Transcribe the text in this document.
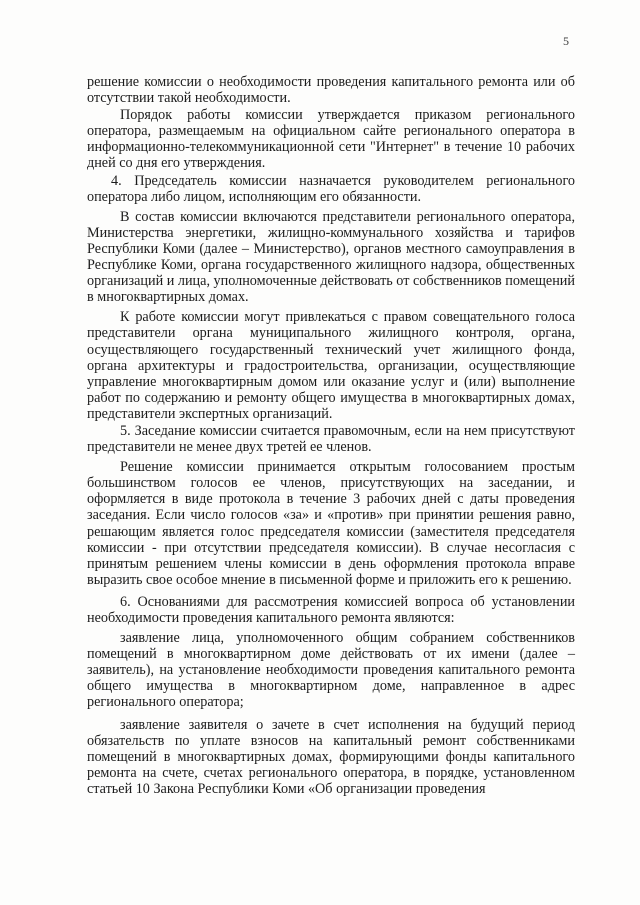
5

решение комиссии о необходимости проведения капитального ремонта или об отсутствии такой необходимости.

Порядок работы комиссии утверждается приказом регионального оператора, размещаемым на официальном сайте регионального оператора в информационно-телекоммуникационной сети "Интернет" в течение 10 рабочих дней со дня его утверждения.

4. Председатель комиссии назначается руководителем регионального оператора либо лицом, исполняющим его обязанности.

В состав комиссии включаются представители регионального оператора, Министерства энергетики, жилищно-коммунального хозяйства и тарифов Республики Коми (далее – Министерство), органов местного самоуправления в Республике Коми, органа государственного жилищного надзора, общественных организаций и лица, уполномоченные действовать от собственников помещений в многоквартирных домах.

К работе комиссии могут привлекаться с правом совещательного голоса представители органа муниципального жилищного контроля, органа, осуществляющего государственный технический учет жилищного фонда, органа архитектуры и градостроительства, организации, осуществляющие управление многоквартирным домом или оказание услуг и (или) выполнение работ по содержанию и ремонту общего имущества в многоквартирных домах, представители экспертных организаций.

5. Заседание комиссии считается правомочным, если на нем присутствуют представители не менее двух третей ее членов.

Решение комиссии принимается открытым голосованием простым большинством голосов ее членов, присутствующих на заседании, и оформляется в виде протокола в течение 3 рабочих дней с даты проведения заседания. Если число голосов «за» и «против» при принятии решения равно, решающим является голос председателя комиссии (заместителя председателя комиссии - при отсутствии председателя комиссии). В случае несогласия с принятым решением члены комиссии в день оформления протокола вправе выразить свое особое мнение в письменной форме и приложить его к решению.

6. Основаниями для рассмотрения комиссией вопроса об установлении необходимости проведения капитального ремонта являются:

заявление лица, уполномоченного общим собранием собственников помещений в многоквартирном доме действовать от их имени (далее – заявитель), на установление необходимости проведения капитального ремонта общего имущества в многоквартирном доме, направленное в адрес регионального оператора;

заявление заявителя о зачете в счет исполнения на будущий период обязательств по уплате взносов на капитальный ремонт собственниками помещений в многоквартирных домах, формирующими фонды капитального ремонта на счете, счетах регионального оператора, в порядке, установленном статьей 10 Закона Республики Коми «Об организации проведения
